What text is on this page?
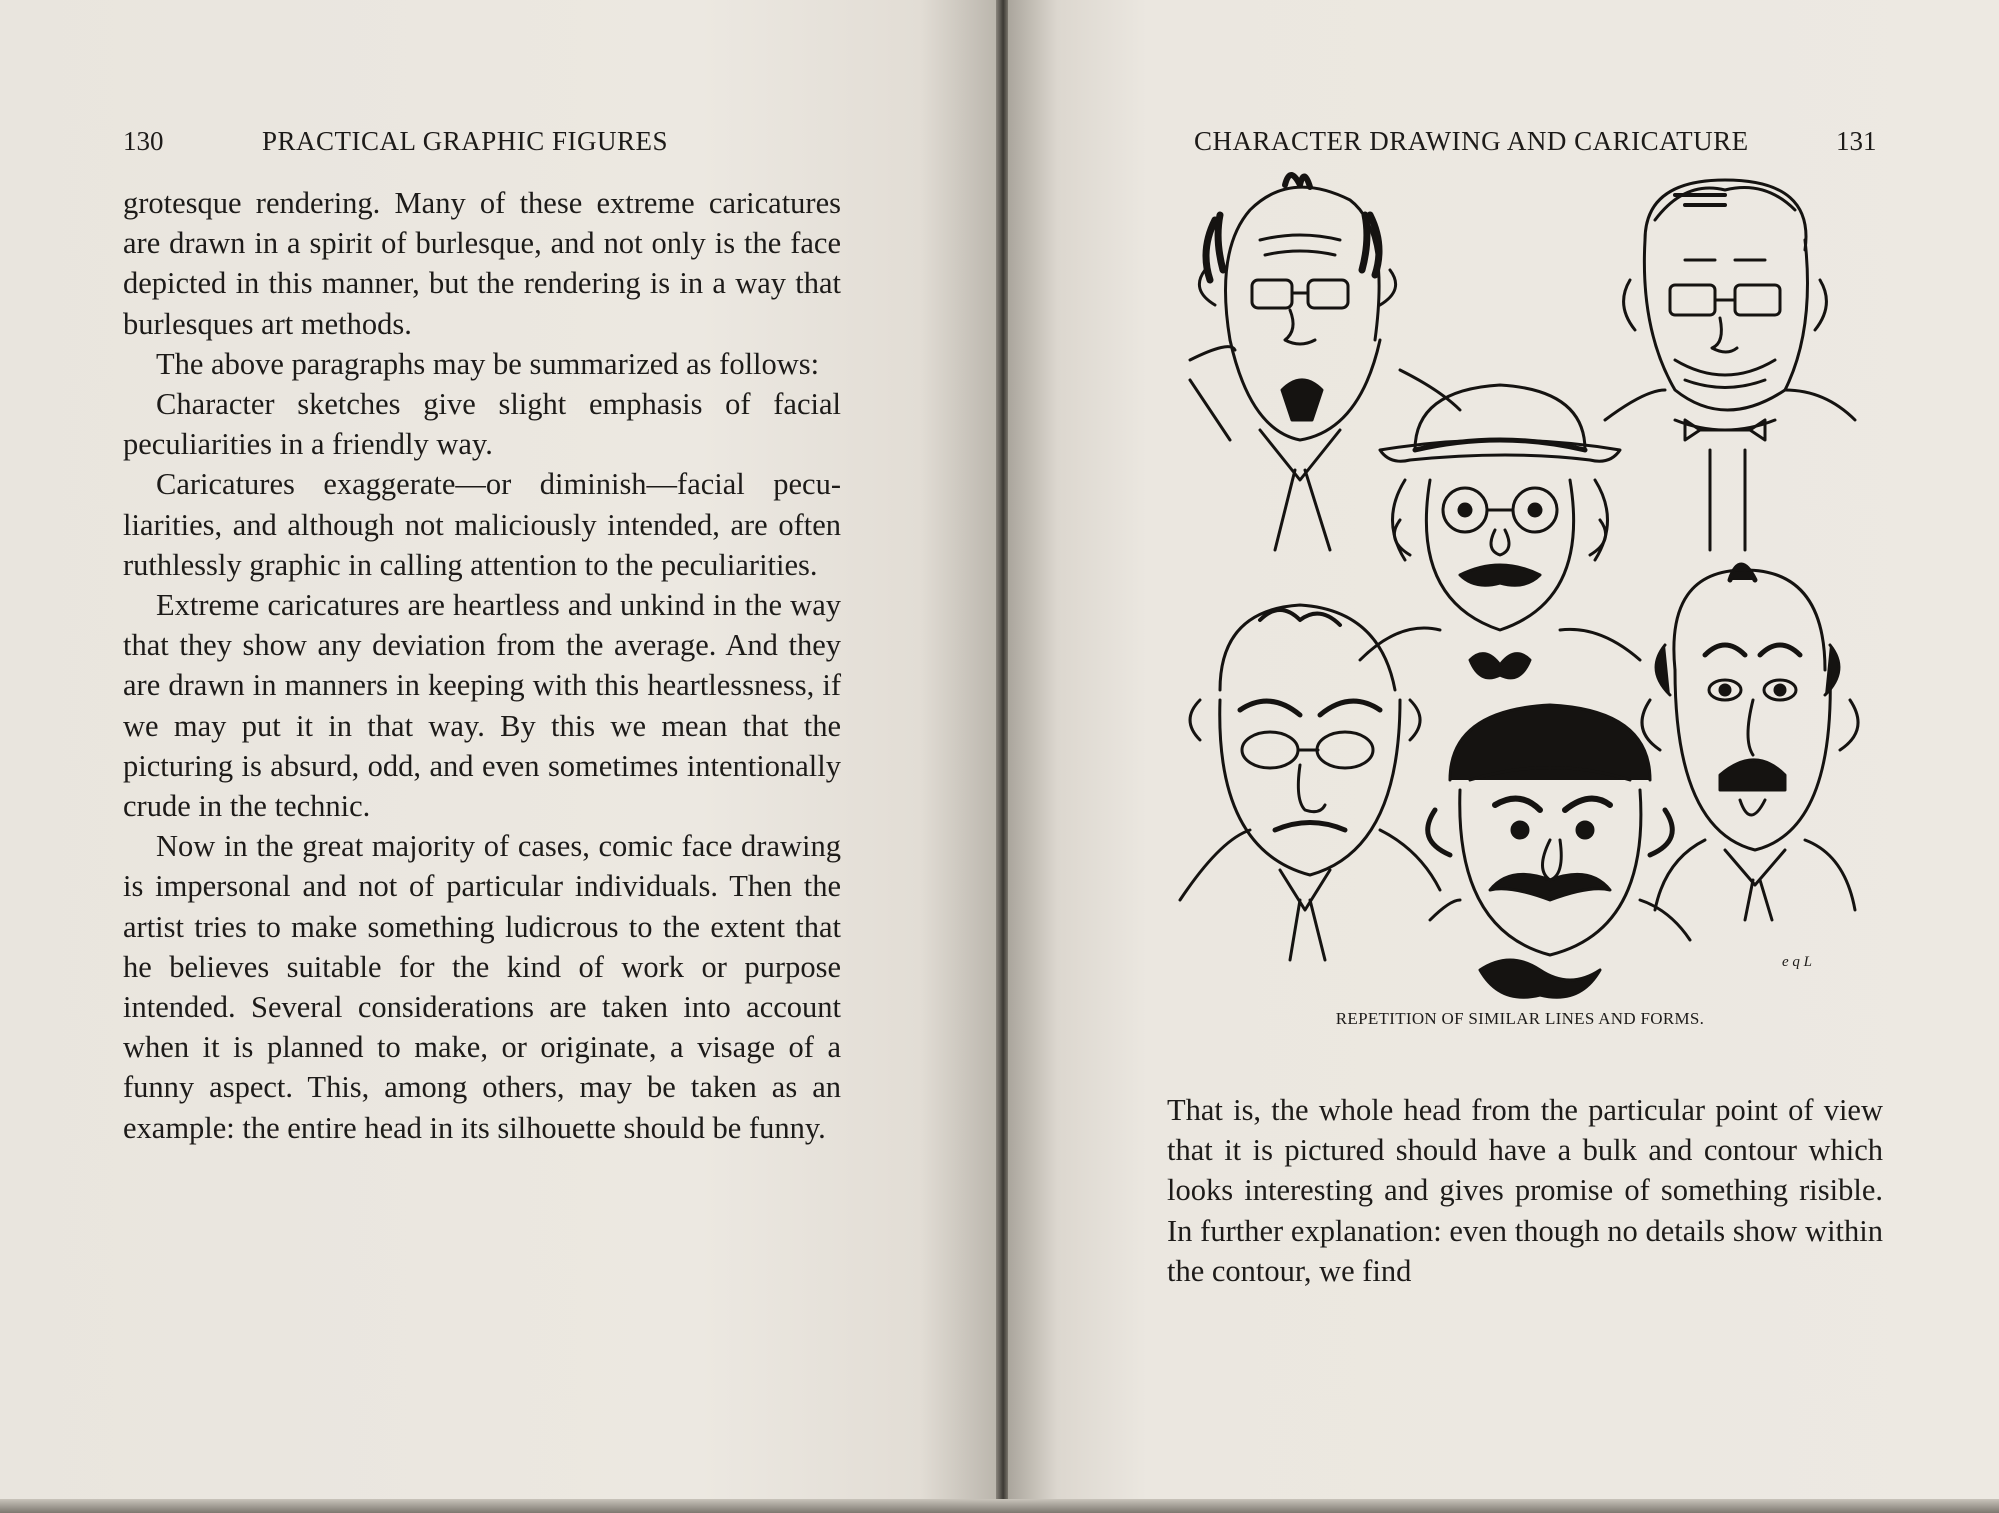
130	PRACTICAL GRAPHIC FIGURES

grotesque rendering. Many of these extreme caricatures are drawn in a spirit of burlesque, and not only is the face depicted in this manner, but the rendering is in a way that burlesques art methods.

The above paragraphs may be summarized as follows:

Character sketches give slight emphasis of facial peculiarities in a friendly way.

Caricatures exaggerate—or diminish—facial peculiarities, and although not maliciously intended, are often ruthlessly graphic in calling attention to the peculiarities.

Extreme caricatures are heartless and unkind in the way that they show any deviation from the average. And they are drawn in manners in keeping with this heartlessness, if we may put it in that way. By this we mean that the picturing is absurd, odd, and even sometimes intentionally crude in the technic.

Now in the great majority of cases, comic face drawing is impersonal and not of particular individuals. Then the artist tries to make something ludicrous to the extent that he believes suitable for the kind of work or purpose intended. Several considerations are taken into account when it is planned to make, or originate, a visage of a funny aspect. This, among others, may be taken as an example: the entire head in its silhouette should be funny.

CHARACTER DRAWING AND CARICATURE	131
e q L
REPETITION OF SIMILAR LINES AND FORMS.

That is, the whole head from the particular point of view that it is pictured should have a bulk and contour which looks interesting and gives promise of something risible. In further explanation: even though no details show within the contour, we find
